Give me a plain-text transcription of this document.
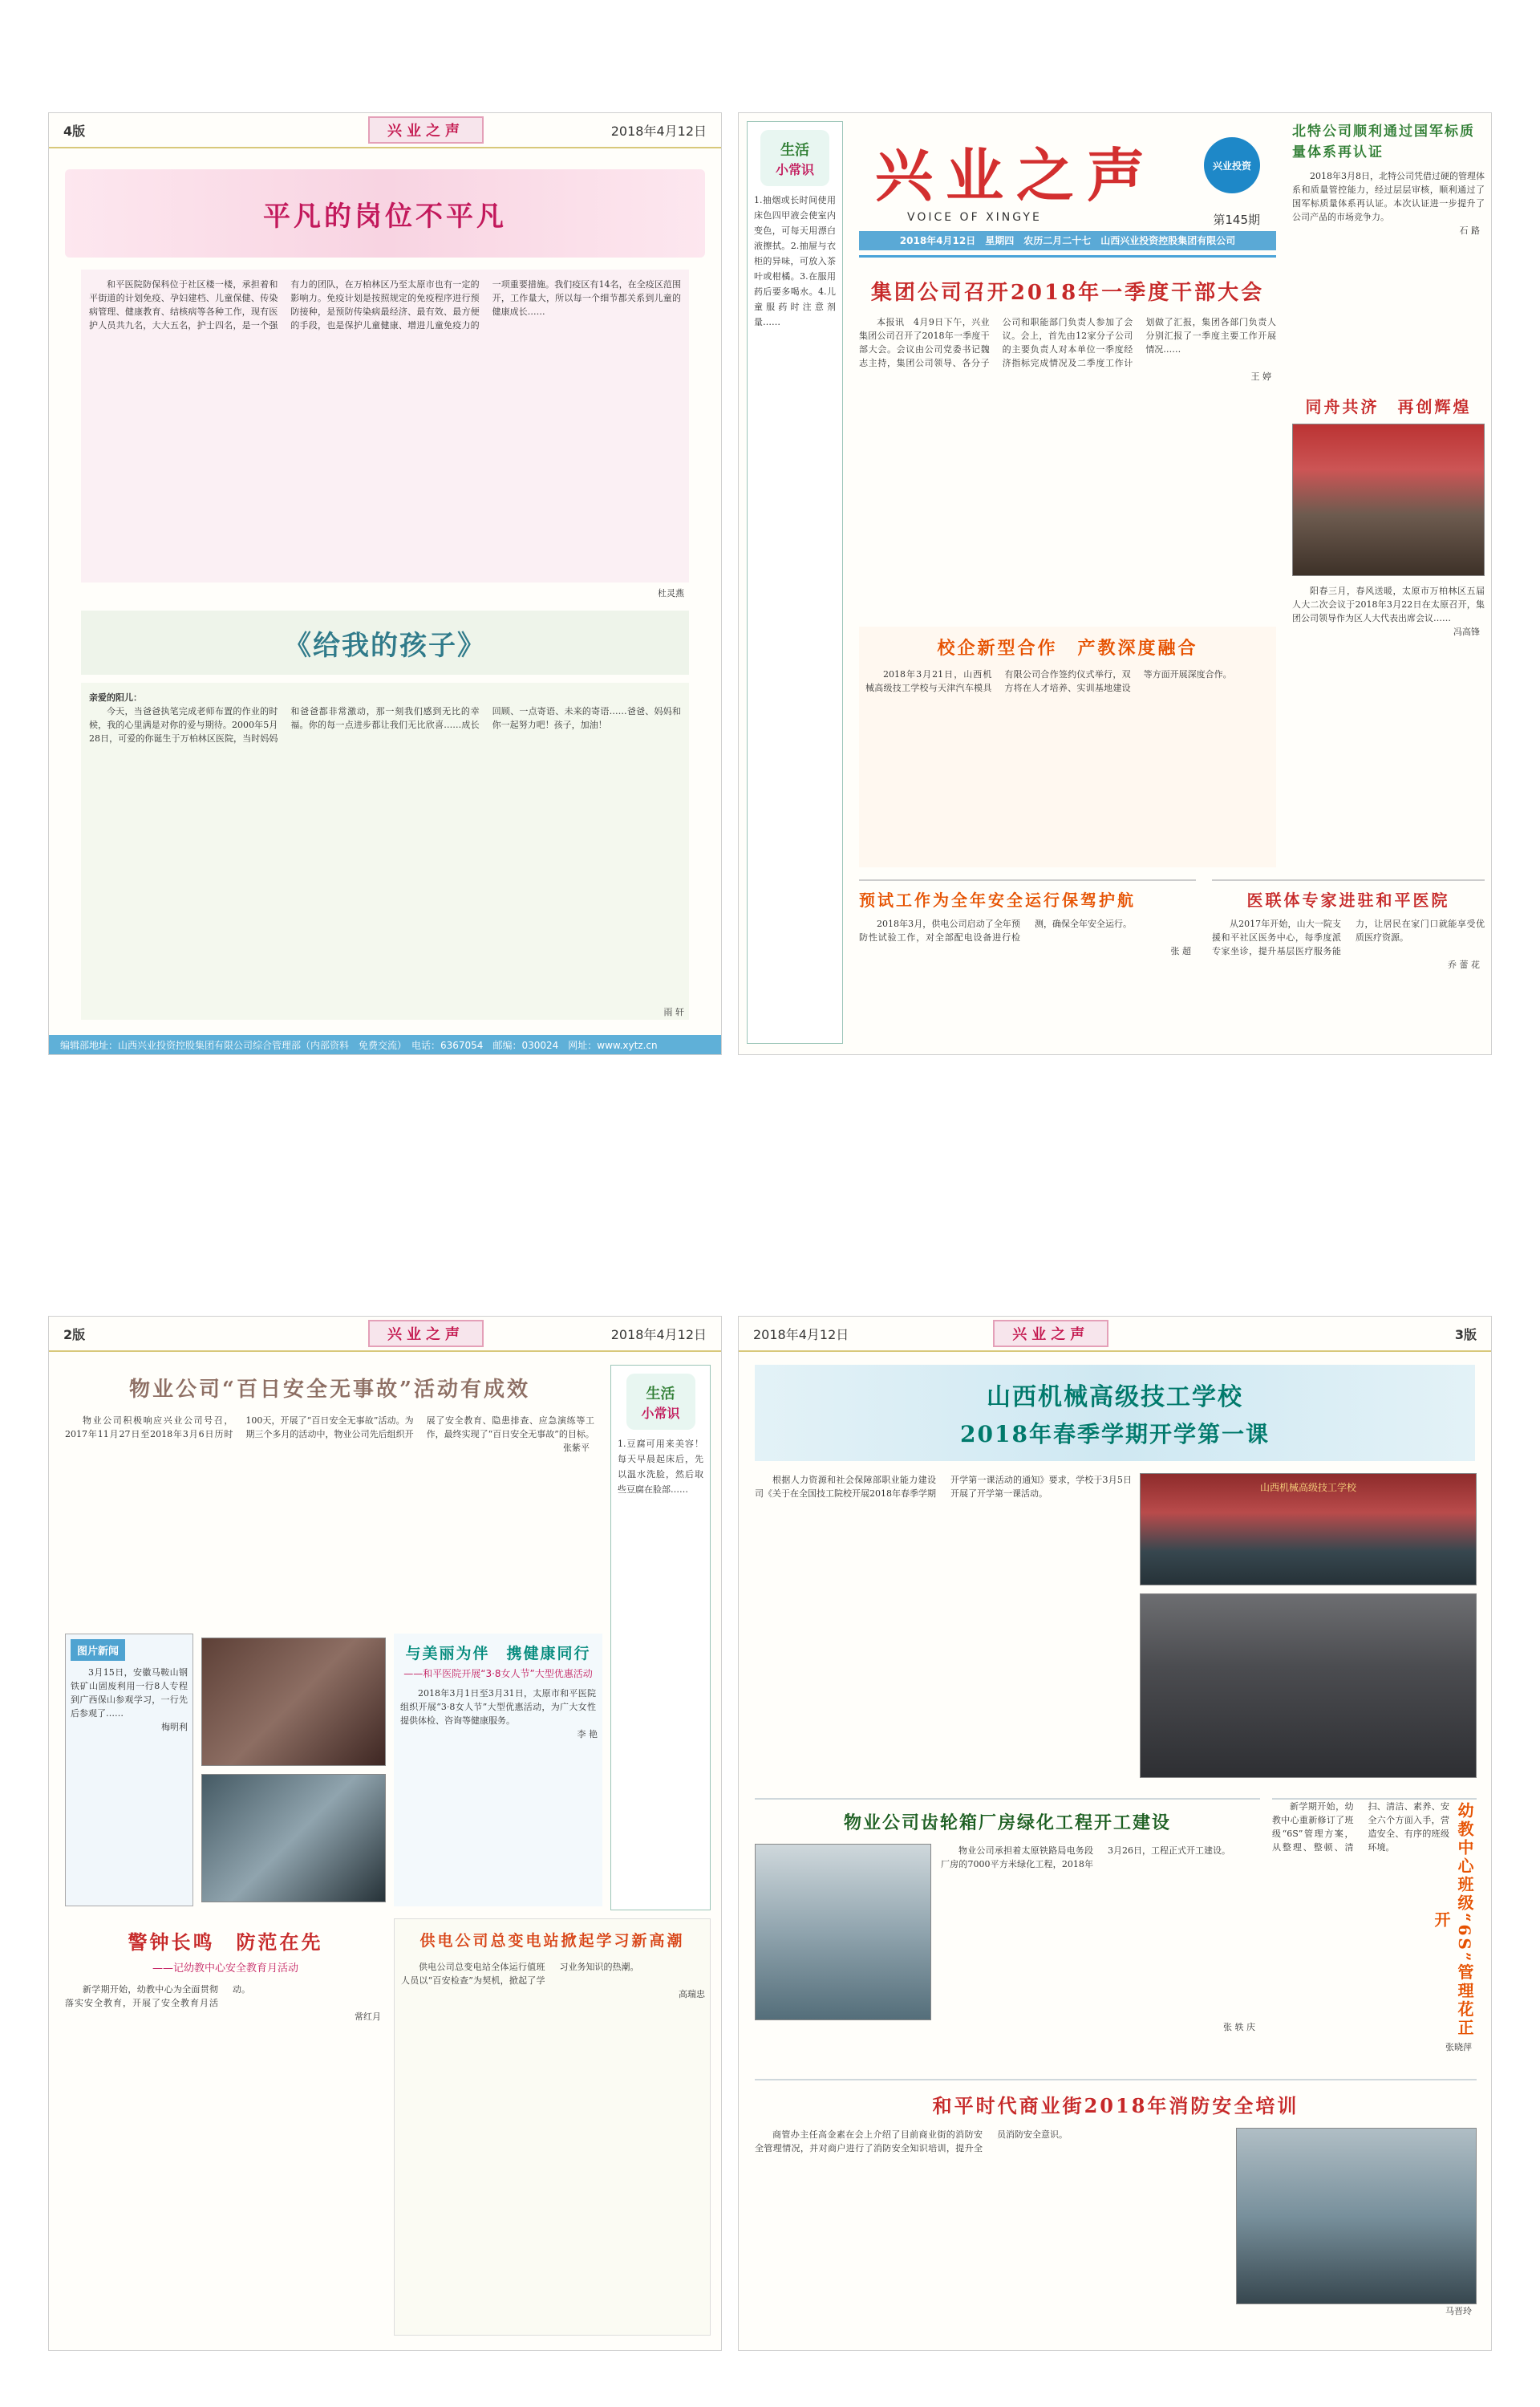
4版	兴业之声	2018年4月12日
平凡的岗位不平凡

和平医院防保科位于社区楼一楼，承担着和平街道的计划免疫、孕妇建档、儿童保健、传染病管理、健康教育、结核病等各种工作，现有医护人员共九名，大大五名，护士四名，是一个强有力的团队，在万柏林区乃至太原市也有一定的影响力。免疫计划是按照规定的免疫程序进行预防接种，是预防传染病最经济、最有效、最方便的手段，也是保护儿童健康、增进儿童免疫力的一项重要措施。我们疫区有14名，在全疫区范围开，工作量大，所以每一个细节都关系到儿童的健康成长……

杜灵燕
《给我的孩子》

亲爱的阳儿：

今天，当爸爸执笔完成老师布置的作业的时候，我的心里满是对你的爱与期待。2000年5月28日，可爱的你诞生于万柏林区医院，当时妈妈和爸爸都非常激动，那一刻我们感到无比的幸福。你的每一点进步都让我们无比欣喜……成长回顾、一点寄语、未来的寄语……爸爸、妈妈和你一起努力吧！孩子，加油！

雨 轩
编辑部地址：山西兴业投资控股集团有限公司综合管理部（内部资料　免费交流）　电话：6367054　邮编：030024　网址：www.xytz.cn
生活
小常识

1.抽烟或长时间使用床色四甲液会使室内变色，可每天用漂白液擦拭。2.抽屉与衣柜的异味，可放入茶叶或柑橘。3.在服用药后要多喝水。4.儿童服药时注意剂量……

兴业之声	兴业投资
VOICE OF XINGYE	第145期
2018年4月12日　星期四　农历二月二十七　山西兴业投资控股集团有限公司
北特公司顺利通过国军标质量体系再认证

2018年3月8日，北特公司凭借过硬的管理体系和质量管控能力，经过层层审核，顺利通过了国军标质量体系再认证。本次认证进一步提升了公司产品的市场竞争力。

石 路
集团公司召开2018年一季度干部大会

本报讯　4月9日下午，兴业集团公司召开了2018年一季度干部大会。会议由公司党委书记魏志主持，集团公司领导、各分子公司和职能部门负责人参加了会议。会上，首先由12家分子公司的主要负责人对本单位一季度经济指标完成情况及二季度工作计划做了汇报，集团各部门负责人分别汇报了一季度主要工作开展情况……

王 婷
同舟共济　再创辉煌

阳春三月，春风送暖，太原市万柏林区五届人大二次会议于2018年3月22日在太原召开，集团公司领导作为区人大代表出席会议……

冯高锋
校企新型合作　产教深度融合

2018年3月21日，山西机械高级技工学校与天津汽车模具有限公司合作签约仪式举行，双方将在人才培养、实训基地建设等方面开展深度合作。

预试工作为全年安全运行保驾护航

2018年3月，供电公司启动了全年预防性试验工作，对全部配电设备进行检测，确保全年安全运行。

张 超
医联体专家进驻和平医院

从2017年开始，山大一院支援和平社区医务中心，每季度派专家坐诊，提升基层医疗服务能力，让居民在家门口就能享受优质医疗资源。

乔 蕾 花
2版	兴业之声	2018年4月12日
物业公司“百日安全无事故”活动有成效

物业公司积极响应兴业公司号召，2017年11月27日至2018年3月6日历时100天，开展了“百日安全无事故”活动。为期三个多月的活动中，物业公司先后组织开展了安全教育、隐患排查、应急演练等工作，最终实现了“百日安全无事故”的目标。

张紫平
生活
小常识

1.豆腐可用来美容！每天早晨起床后，先以温水洗脸，然后取些豆腐在脸部……

图片新闻

3月15日，安徽马鞍山钢铁矿山固废利用一行8人专程到广西保山参观学习，一行先后参观了……

梅明利
与美丽为伴　携健康同行
——和平医院开展“3·8女人节”大型优惠活动

2018年3月1日至3月31日，太原市和平医院组织开展“3·8女人节”大型优惠活动，为广大女性提供体检、咨询等健康服务。

李 艳
警钟长鸣　防范在先
——记幼教中心安全教育月活动

新学期开始，幼教中心为全面贯彻落实安全教育，开展了安全教育月活动。

常红月
供电公司总变电站掀起学习新高潮

供电公司总变电站全体运行值班人员以“百安检查”为契机，掀起了学习业务知识的热潮。

高瑞忠
2018年4月12日	兴业之声	3版
山西机械高级技工学校
2018年春季学期开学第一课

根据人力资源和社会保障部职业能力建设司《关于在全国技工院校开展2018年春季学期开学第一课活动的通知》要求，学校于3月5日开展了开学第一课活动。

山西机械高级技工学校
物业公司齿轮箱厂房绿化工程开工建设

物业公司承担着太原铁路局电务段厂房的7000平方米绿化工程，2018年3月26日，工程正式开工建设。

张 轶 庆

新学期开始，幼教中心重新修订了班级“6S”管理方案，从整理、整顿、清扫、清洁、素养、安全六个方面入手，营造安全、有序的班级环境。	幼教中心班级“6S”管理花正开
张晓萍
和平时代商业街2018年消防安全培训

商管办主任高金素在会上介绍了目前商业街的消防安全管理情况，并对商户进行了消防安全知识培训，提升全员消防安全意识。

马晋玲
